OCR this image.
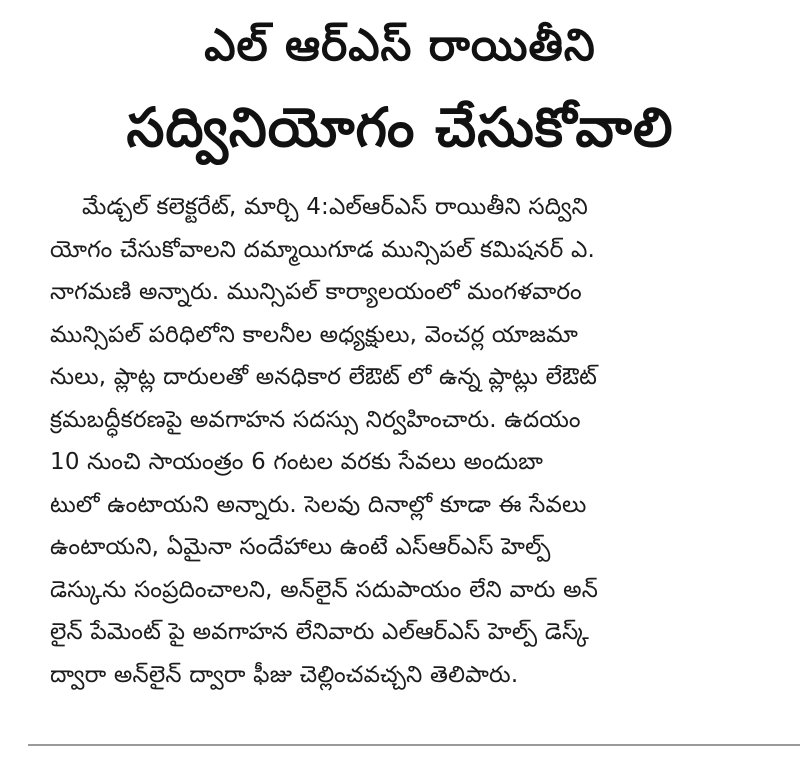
ఎల్ ఆర్ఎస్ రాయితీని
సద్వినియోగం చేసుకోవాలి
మేడ్చల్ కలెక్టరేట్, మార్చి 4:ఎల్ఆర్ఎస్ రాయితీని సద్విని
యోగం చేసుకోవాలని దమ్మాయిగూడ మున్సిపల్ కమిషనర్ ఎ.
నాగమణి అన్నారు. మున్సిపల్ కార్యాలయంలో మంగళవారం
మున్సిపల్ పరిధిలోని కాలనీల అధ్యక్షులు, వెంచర్ల యాజమా
నులు, ప్లాట్ల దారులతో అనధికార లేఔట్ లో ఉన్న ప్లాట్లు లేఔట్
క్రమబద్ధీకరణపై అవగాహన సదస్సు నిర్వహించారు. ఉదయం
10 నుంచి సాయంత్రం 6 గంటల వరకు సేవలు అందుబా
టులో ఉంటాయని అన్నారు. సెలవు దినాల్లో కూడా ఈ సేవలు
ఉంటాయని, ఏమైనా సందేహాలు ఉంటే ఎస్ఆర్ఎస్ హెల్ప్
డెస్కును సంప్రదించాలని, అన్‌లైన్ సదుపాయం లేని వారు అన్
లైన్ పేమెంట్ పై అవగాహన లేనివారు ఎల్ఆర్ఎస్ హెల్ప్ డెస్క్
ద్వారా అన్‌లైన్ ద్వారా ఫీజు చెల్లించవచ్చని తెలిపారు.
